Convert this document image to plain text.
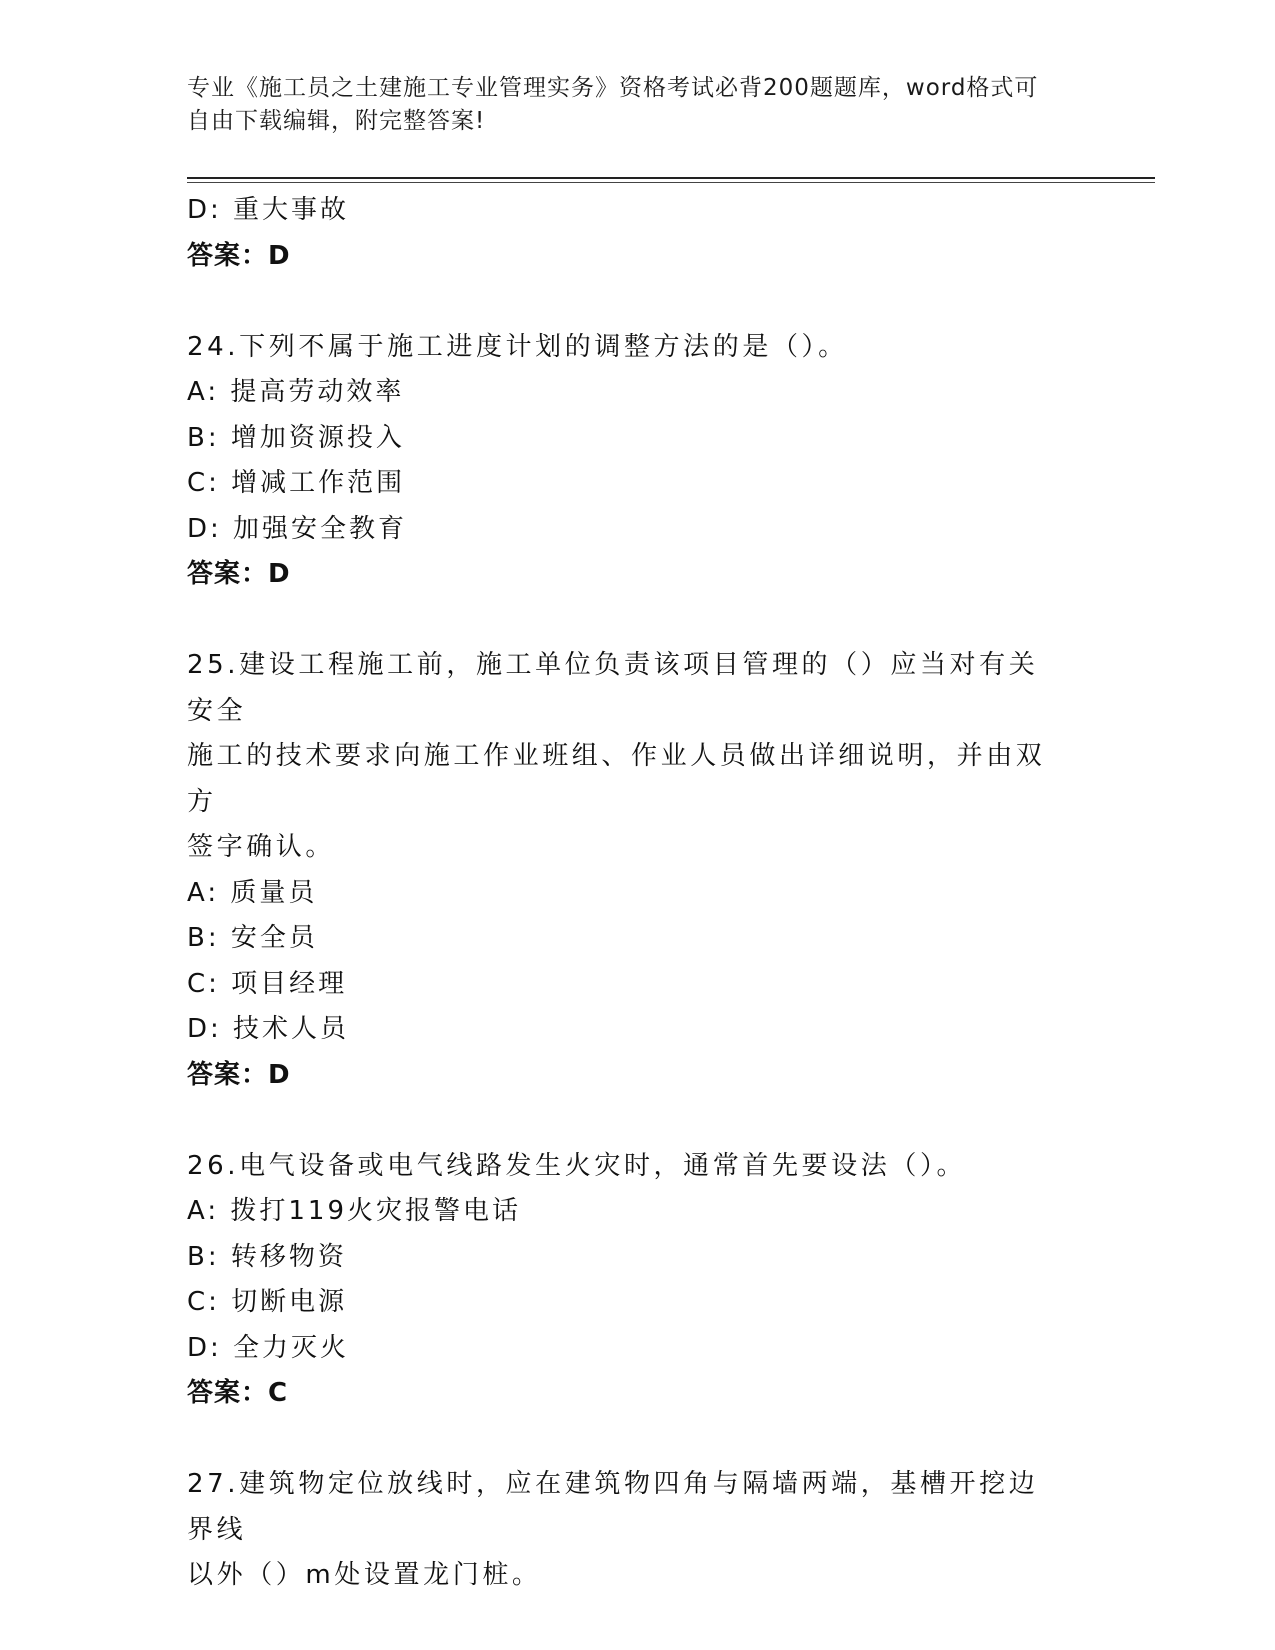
专业《施工员之土建施工专业管理实务》资格考试必背200题题库，word格式可
自由下载编辑，附完整答案!
D: 重大事故
答案：D
24.下列不属于施工进度计划的调整方法的是（）。
A: 提高劳动效率
B: 增加资源投入
C: 增减工作范围
D: 加强安全教育
答案：D
25.建设工程施工前，施工单位负责该项目管理的（）应当对有关安全
施工的技术要求向施工作业班组、作业人员做出详细说明，并由双方
签字确认。
A: 质量员
B: 安全员
C: 项目经理
D: 技术人员
答案：D
26.电气设备或电气线路发生火灾时，通常首先要设法（）。
A: 拨打119火灾报警电话
B: 转移物资
C: 切断电源
D: 全力灭火
答案：C
27.建筑物定位放线时，应在建筑物四角与隔墙两端，基槽开挖边界线
以外（）m处设置龙门桩。
